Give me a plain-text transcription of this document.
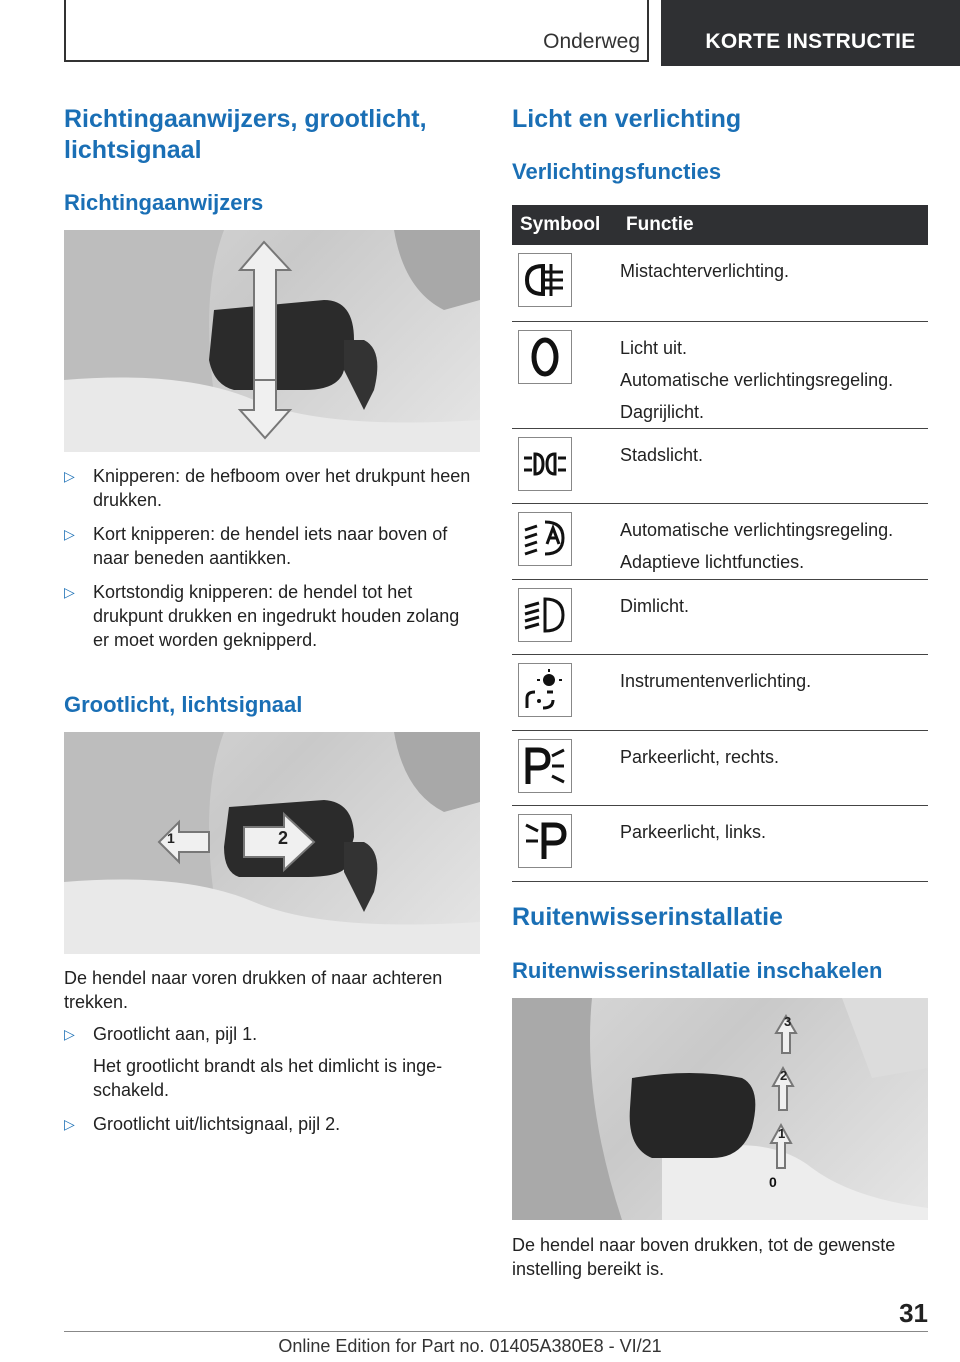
Onderweg	KORTE INSTRUCTIE
Richtingaanwijzers, grootlicht, lichtsignaal
Richtingaanwijzers
▷ Knipperen: de hefboom over het drukpunt heen drukken.
▷ Kort knipperen: de hendel iets naar boven of naar beneden aantikken.
▷ Kortstondig knipperen: de hendel tot het drukpunt drukken en ingedrukt houden zolang er moet worden geknipperd.
Grootlicht, lichtsignaal
1	2
De hendel naar voren drukken of naar achteren trekken.
▷ Grootlicht aan, pijl 1.
Het grootlicht brandt als het dimlicht is ingeschakeld.
▷ Grootlicht uit/lichtsignaal, pijl 2.
Licht en verlichting
Verlichtingsfuncties
Symbool	Functie

Mistachterverlichting.

Licht uit.
Automatische verlichtingsregeling.
Dagrijlicht.

Stadslicht.

Automatische verlichtingsregeling.
Adaptieve lichtfuncties.

Dimlicht.

Instrumentenverlichting.

Parkeerlicht, rechts.

Parkeerlicht, links.
Ruitenwisserinstallatie
Ruitenwisserinstallatie inschakelen
3
2
1
0
De hendel naar boven drukken, tot de gewenste instelling bereikt is.
31
Online Edition for Part no. 01405A380E8 - VI/21
